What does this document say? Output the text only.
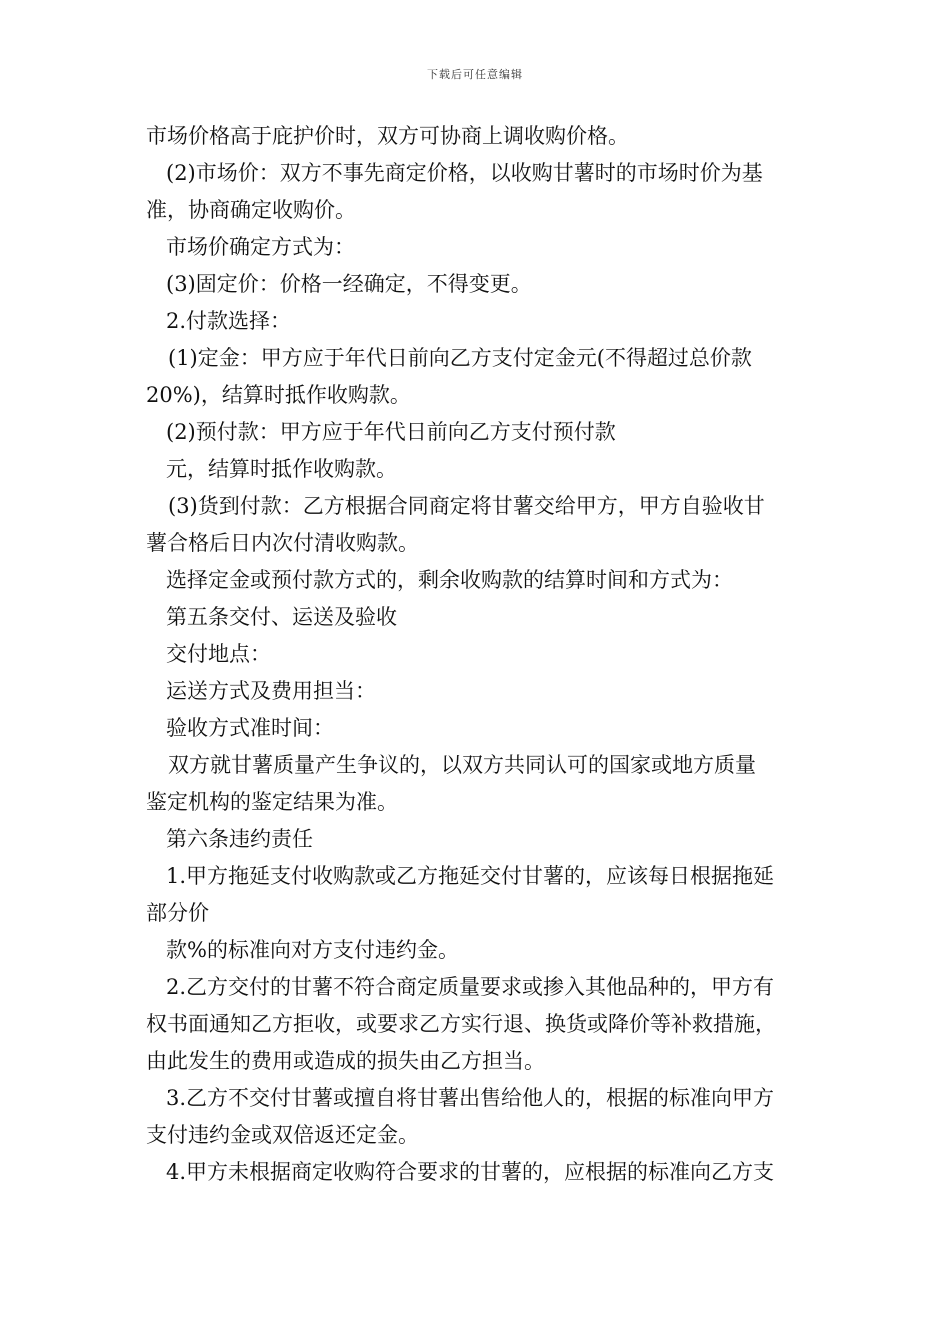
下载后可任意编辑
市场价格高于庇护价时，双方可协商上调收购价格。
(2)市场价：双方不事先商定价格，以收购甘薯时的市场时价为基
准，协商确定收购价。
市场价确定方式为：
(3)固定价：价格一经确定，不得变更。
2.付款选择：
(1)定金：甲方应于年代日前向乙方支付定金元(不得超过总价款
20%)，结算时抵作收购款。
(2)预付款：甲方应于年代日前向乙方支付预付款
元，结算时抵作收购款。
(3)货到付款：乙方根据合同商定将甘薯交给甲方，甲方自验收甘
薯合格后日内次付清收购款。
选择定金或预付款方式的，剩余收购款的结算时间和方式为：
第五条交付、运送及验收
交付地点：
运送方式及费用担当：
验收方式准时间：
双方就甘薯质量产生争议的，以双方共同认可的国家或地方质量
鉴定机构的鉴定结果为准。
第六条违约责任
1.甲方拖延支付收购款或乙方拖延交付甘薯的，应该每日根据拖延
部分价
款%的标准向对方支付违约金。
2.乙方交付的甘薯不符合商定质量要求或掺入其他品种的，甲方有
权书面通知乙方拒收，或要求乙方实行退、换货或降价等补救措施，
由此发生的费用或造成的损失由乙方担当。
3.乙方不交付甘薯或擅自将甘薯出售给他人的，根据的标准向甲方
支付违约金或双倍返还定金。
4.甲方未根据商定收购符合要求的甘薯的，应根据的标准向乙方支
